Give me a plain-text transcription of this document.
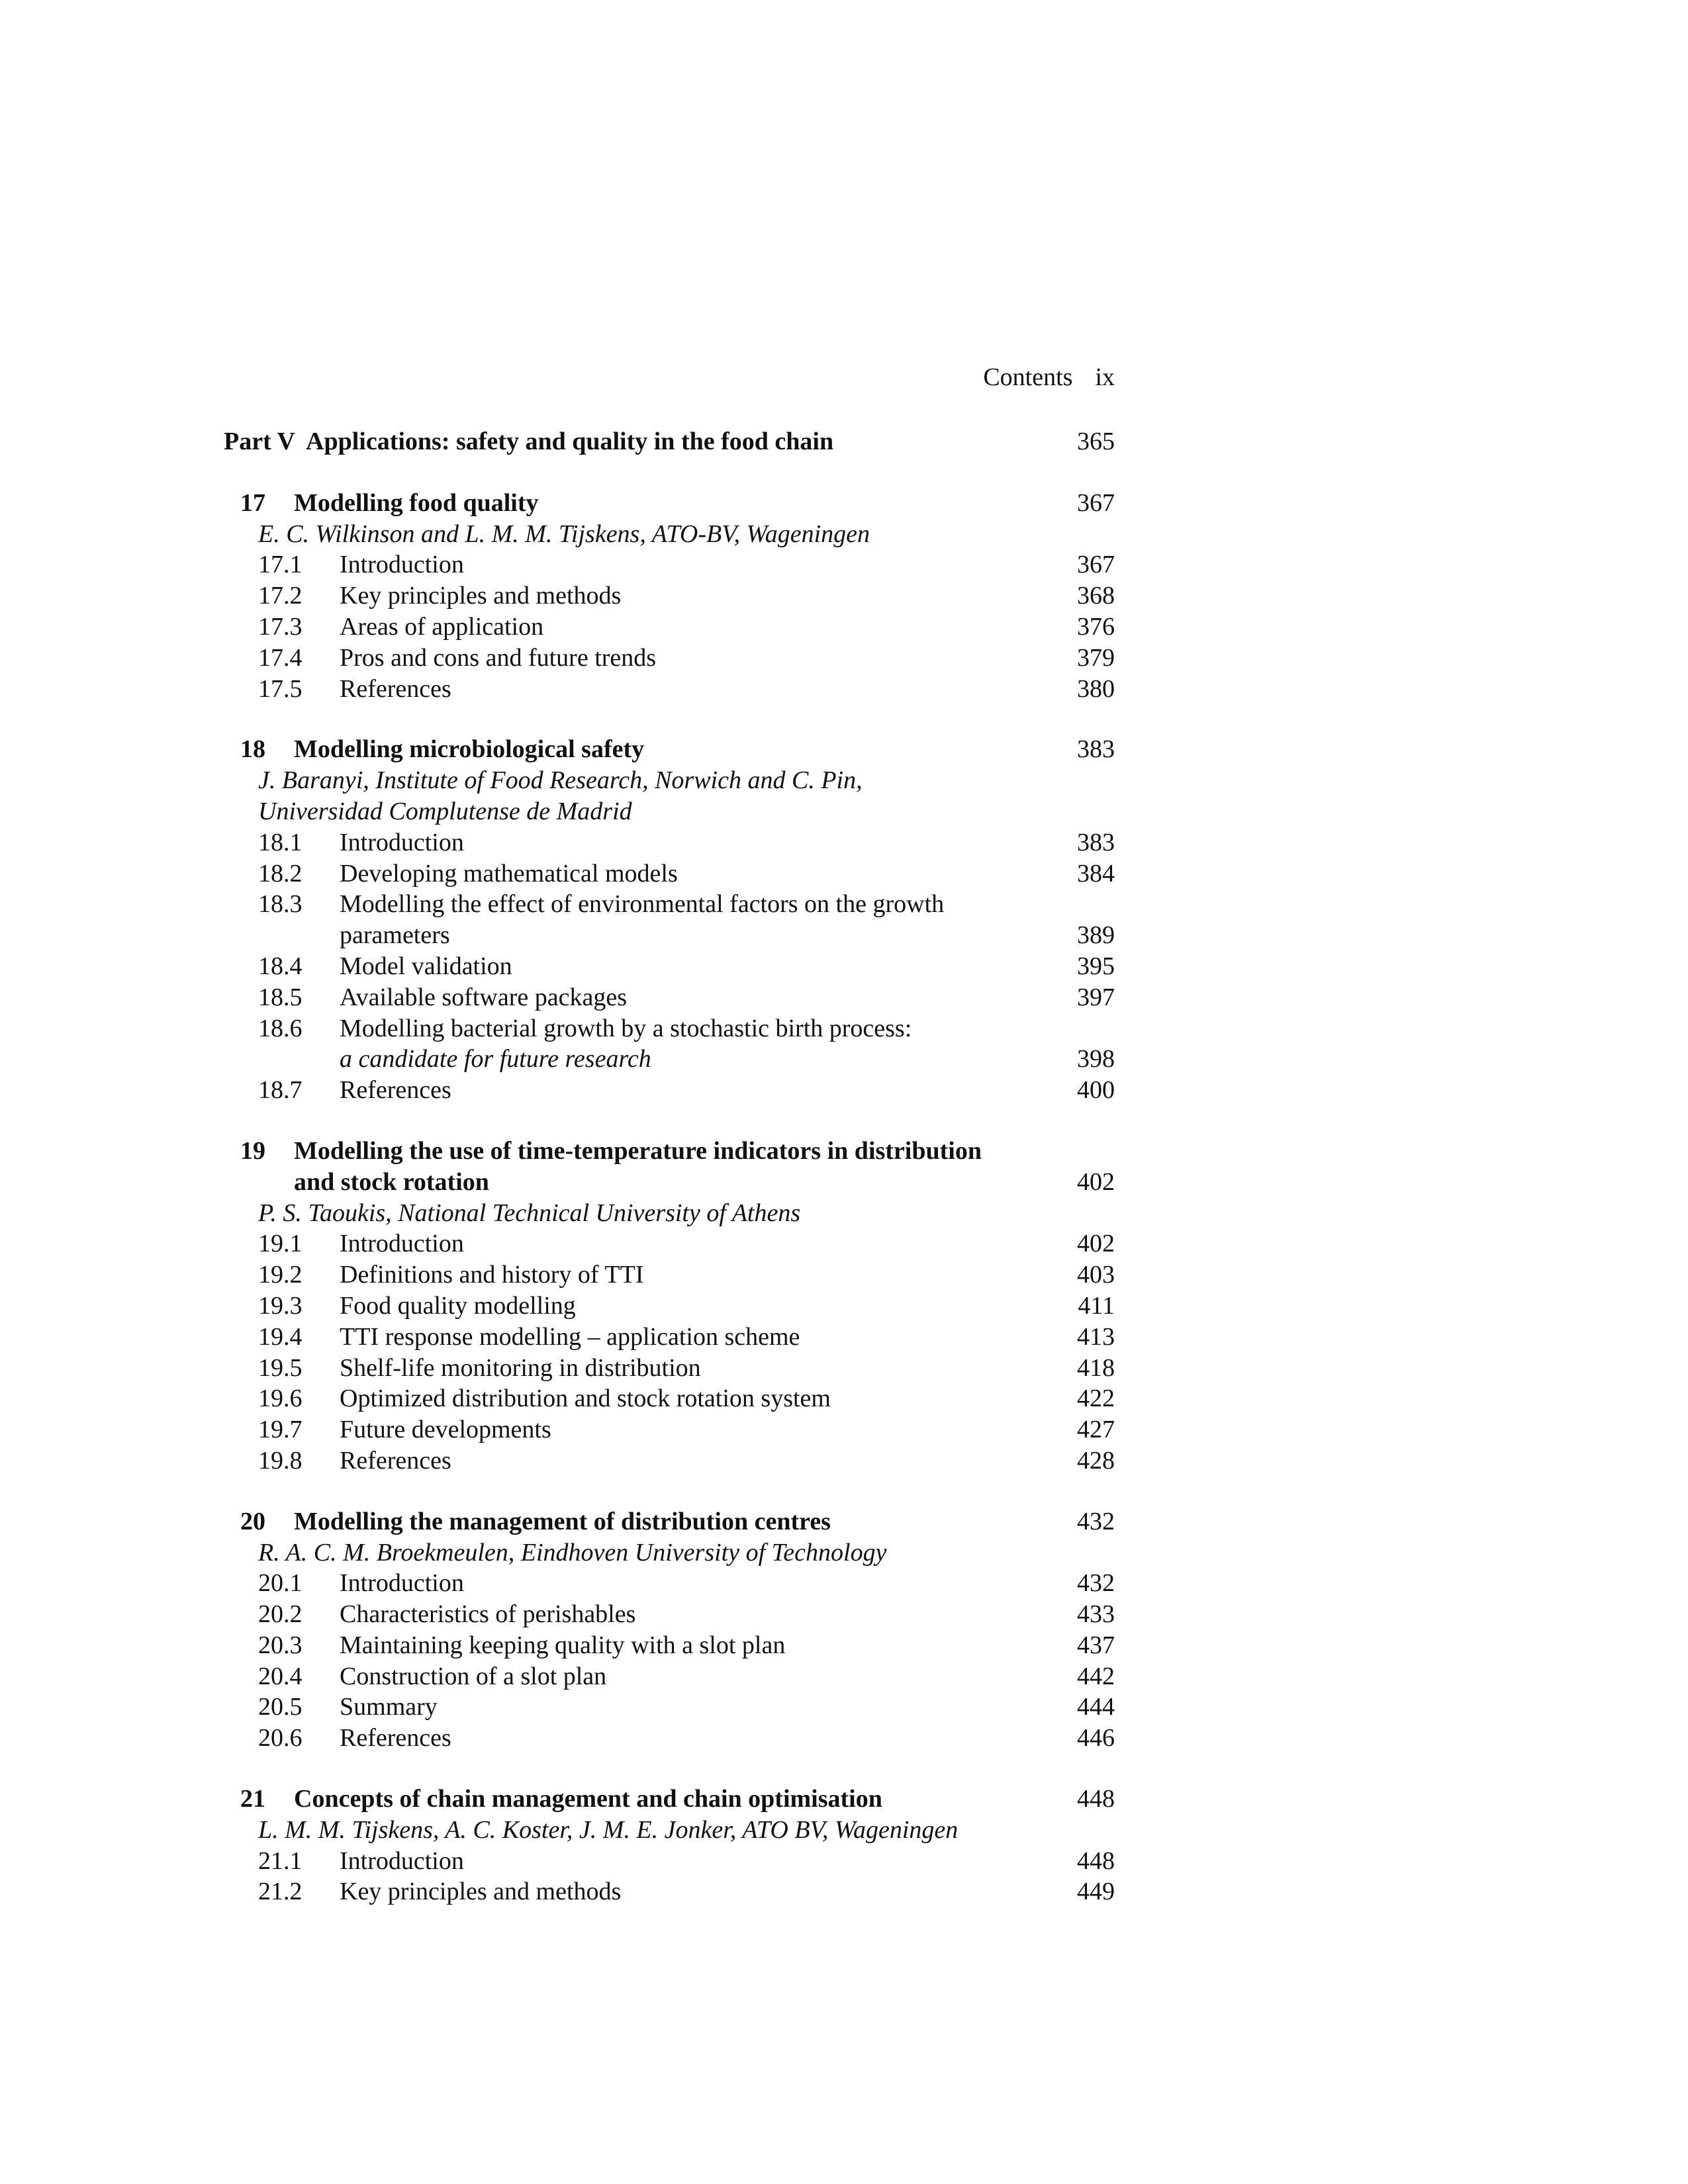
Contents ix
Part V Applications: safety and quality in the food chain	365
17 Modelling food quality	367
E. C. Wilkinson and L. M. M. Tijskens, ATO-BV, Wageningen
17.1 Introduction	367
17.2 Key principles and methods	368
17.3 Areas of application	376
17.4 Pros and cons and future trends	379
17.5 References	380
18 Modelling microbiological safety	383
J. Baranyi, Institute of Food Research, Norwich and C. Pin,
Universidad Complutense de Madrid
18.1 Introduction	383
18.2 Developing mathematical models	384
18.3 Modelling the effect of environmental factors on the growth
parameters	389
18.4 Model validation	395
18.5 Available software packages	397
18.6 Modelling bacterial growth by a stochastic birth process:
a candidate for future research	398
18.7 References	400
19 Modelling the use of time-temperature indicators in distribution
and stock rotation	402
P. S. Taoukis, National Technical University of Athens
19.1 Introduction	402
19.2 Definitions and history of TTI	403
19.3 Food quality modelling	411
19.4 TTI response modelling – application scheme	413
19.5 Shelf-life monitoring in distribution	418
19.6 Optimized distribution and stock rotation system	422
19.7 Future developments	427
19.8 References	428
20 Modelling the management of distribution centres	432
R. A. C. M. Broekmeulen, Eindhoven University of Technology
20.1 Introduction	432
20.2 Characteristics of perishables	433
20.3 Maintaining keeping quality with a slot plan	437
20.4 Construction of a slot plan	442
20.5 Summary	444
20.6 References	446
21 Concepts of chain management and chain optimisation	448
L. M. M. Tijskens, A. C. Koster, J. M. E. Jonker, ATO BV, Wageningen
21.1 Introduction	448
21.2 Key principles and methods	449
